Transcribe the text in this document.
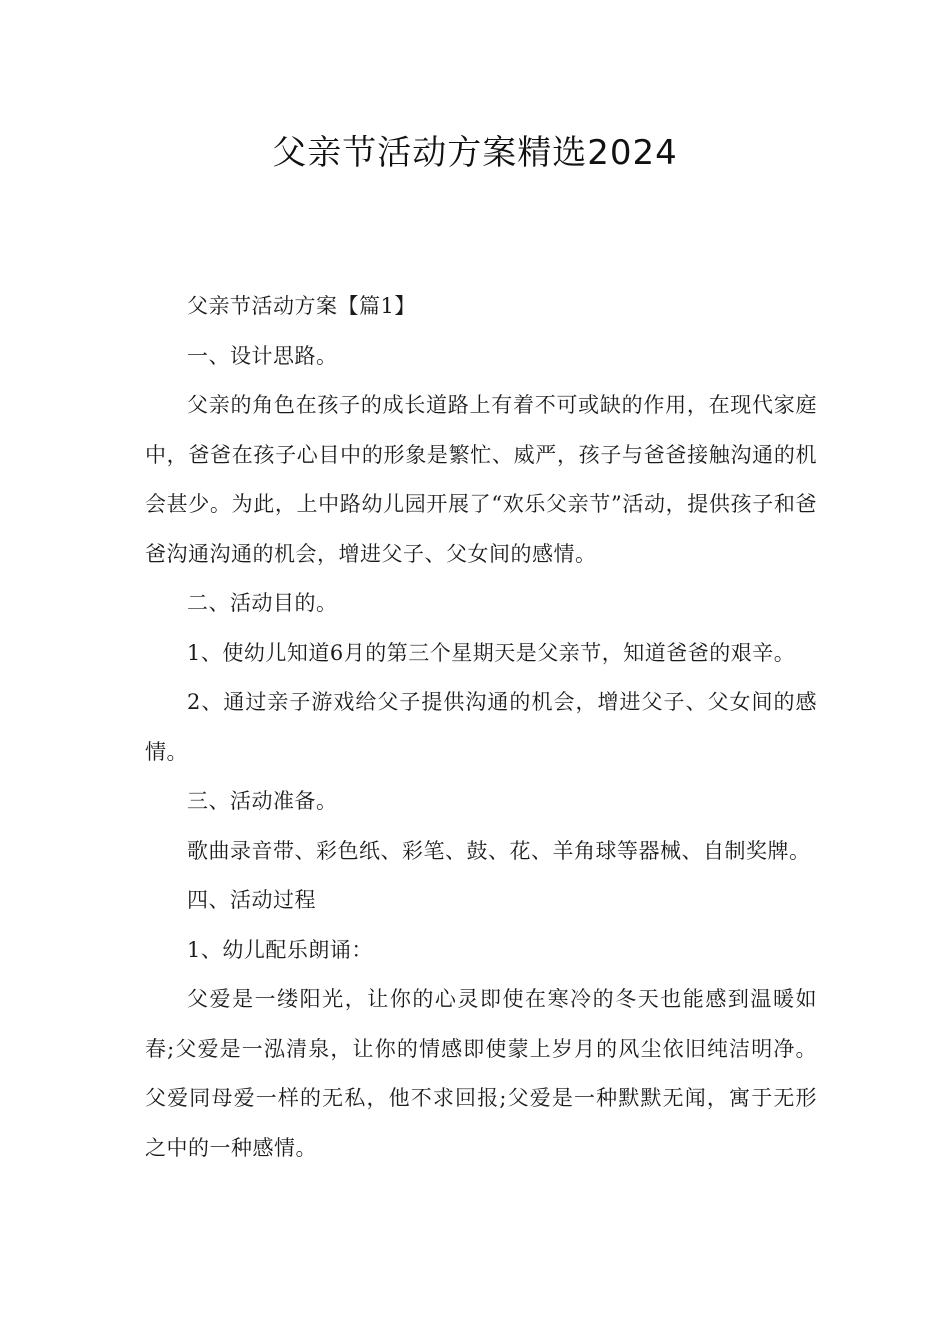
父亲节活动方案精选2024

父亲节活动方案【篇1】

一、设计思路。

父亲的角色在孩子的成长道路上有着不可或缺的作用，在现代家庭中，爸爸在孩子心目中的形象是繁忙、威严，孩子与爸爸接触沟通的机会甚少。为此，上中路幼儿园开展了“欢乐父亲节”活动，提供孩子和爸爸沟通沟通的机会，增进父子、父女间的感情。

二、活动目的。

1、使幼儿知道6月的第三个星期天是父亲节，知道爸爸的艰辛。

2、通过亲子游戏给父子提供沟通的机会，增进父子、父女间的感情。

三、活动准备。

歌曲录音带、彩色纸、彩笔、鼓、花、羊角球等器械、自制奖牌。

四、活动过程

1、幼儿配乐朗诵：

父爱是一缕阳光，让你的心灵即使在寒冷的冬天也能感到温暖如春;父爱是一泓清泉，让你的情感即使蒙上岁月的风尘依旧纯洁明净。父爱同母爱一样的无私，他不求回报;父爱是一种默默无闻，寓于无形之中的一种感情。
